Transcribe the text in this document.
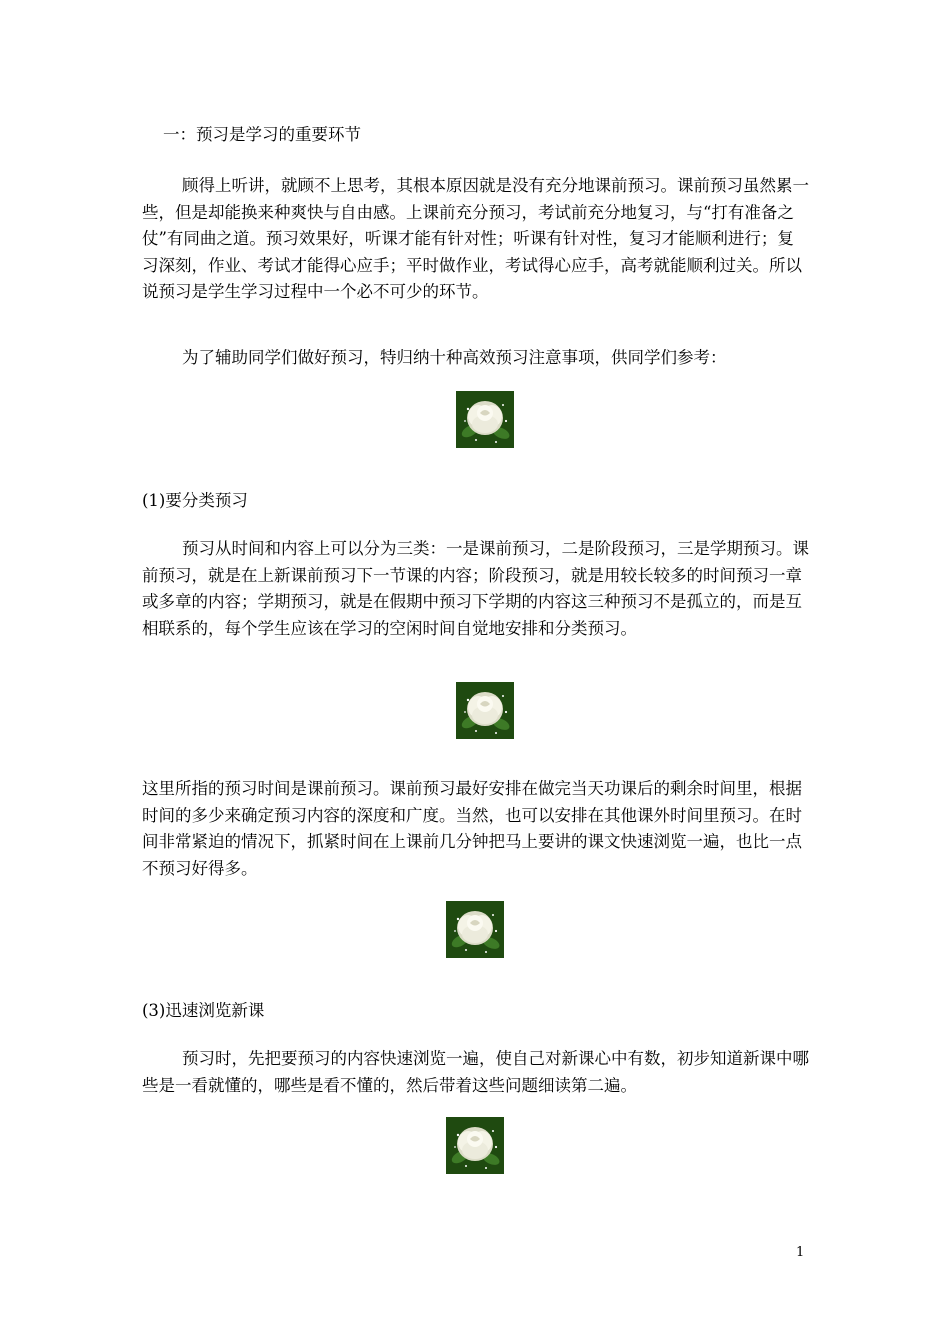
一：预习是学习的重要环节
顾得上听讲，就顾不上思考，其根本原因就是没有充分地课前预习。课前预习虽然累一些，但是却能换来种爽快与自由感。上课前充分预习，考试前充分地复习，与“打有准备之仗”有同曲之道。预习效果好，听课才能有针对性；听课有针对性，复习才能顺利进行；复习深刻，作业、考试才能得心应手；平时做作业，考试得心应手，高考就能顺利过关。所以说预习是学生学习过程中一个必不可少的环节。
为了辅助同学们做好预习，特归纳十种高效预习注意事项，供同学们参考：
(1)要分类预习
预习从时间和内容上可以分为三类：一是课前预习，二是阶段预习，三是学期预习。课前预习，就是在上新课前预习下一节课的内容；阶段预习，就是用较长较多的时间预习一章或多章的内容；学期预习，就是在假期中预习下学期的内容这三种预习不是孤立的，而是互相联系的，每个学生应该在学习的空闲时间自觉地安排和分类预习。
这里所指的预习时间是课前预习。课前预习最好安排在做完当天功课后的剩余时间里，根据时间的多少来确定预习内容的深度和广度。当然，也可以安排在其他课外时间里预习。在时间非常紧迫的情况下，抓紧时间在上课前几分钟把马上要讲的课文快速浏览一遍，也比一点不预习好得多。
(3)迅速浏览新课
预习时，先把要预习的内容快速浏览一遍，使自己对新课心中有数，初步知道新课中哪些是一看就懂的，哪些是看不懂的，然后带着这些问题细读第二遍。
1
